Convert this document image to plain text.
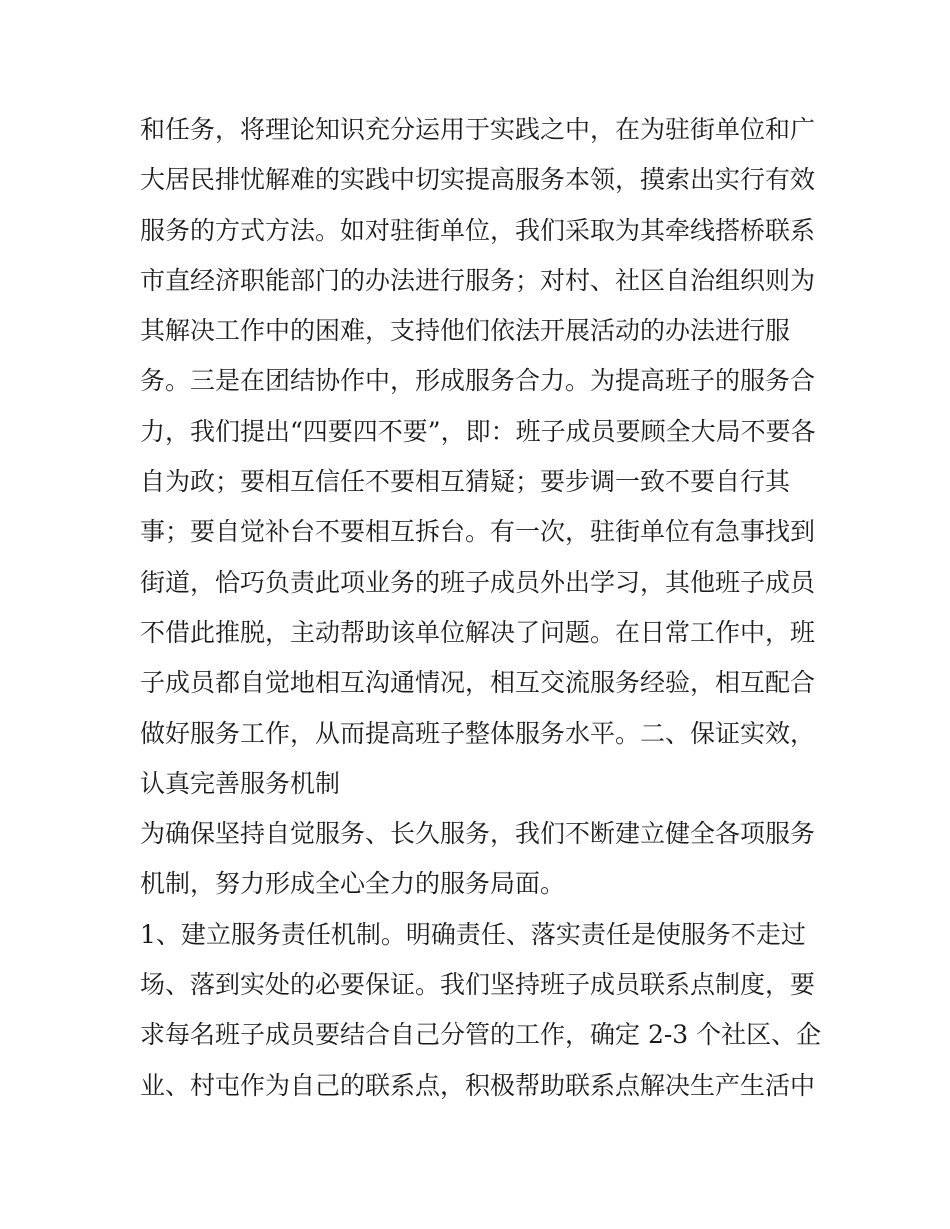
和任务，将理论知识充分运用于实践之中，在为驻街单位和广
大居民排忧解难的实践中切实提高服务本领，摸索出实行有效
服务的方式方法。如对驻街单位，我们采取为其牵线搭桥联系
市直经济职能部门的办法进行服务；对村、社区自治组织则为
其解决工作中的困难，支持他们依法开展活动的办法进行服
务。三是在团结协作中，形成服务合力。为提高班子的服务合
力，我们提出“四要四不要”，即：班子成员要顾全大局不要各
自为政；要相互信任不要相互猜疑；要步调一致不要自行其
事；要自觉补台不要相互拆台。有一次，驻街单位有急事找到
街道，恰巧负责此项业务的班子成员外出学习，其他班子成员
不借此推脱，主动帮助该单位解决了问题。在日常工作中，班
子成员都自觉地相互沟通情况，相互交流服务经验，相互配合
做好服务工作，从而提高班子整体服务水平。二、保证实效，
认真完善服务机制
为确保坚持自觉服务、长久服务，我们不断建立健全各项服务
机制，努力形成全心全力的服务局面。
1、建立服务责任机制。明确责任、落实责任是使服务不走过
场、落到实处的必要保证。我们坚持班子成员联系点制度，要
求每名班子成员要结合自己分管的工作，确定 2-3 个社区、企
业、村屯作为自己的联系点，积极帮助联系点解决生产生活中
